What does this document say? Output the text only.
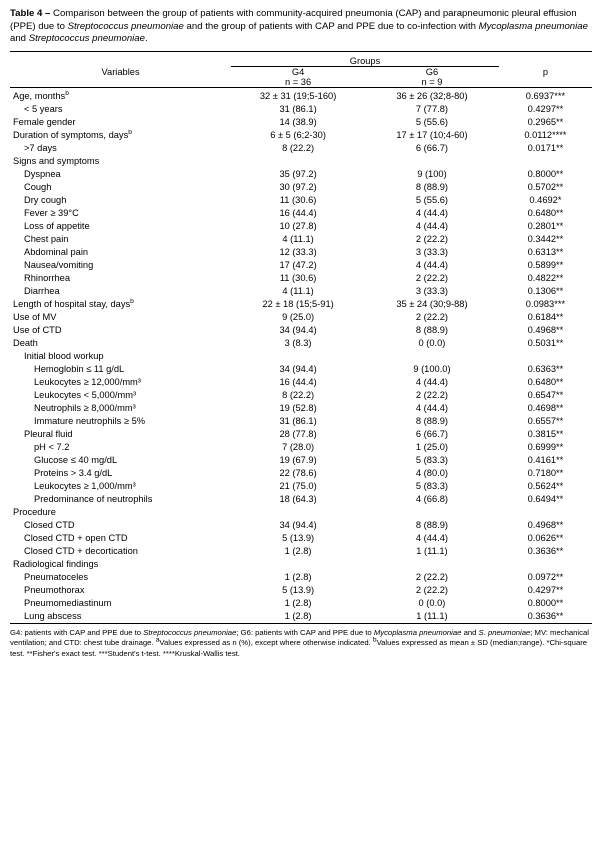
Table 4 – Comparison between the group of patients with community-acquired pneumonia (CAP) and parapneumonic pleural effusion (PPE) due to Streptococcus pneumoniae and the group of patients with CAP and PPE due to co-infection with Mycoplasma pneumoniae and Streptococcus pneumoniae.
Variables	Groups		p
	G4	G6	
	n = 36	n = 9	
Age, months$^b$	32 ± 31 (19;5-160)	36 ± 26 (32;8-80)	0.6937***
< 5 years	31 (86.1)	7 (77.8)	0.4297**
Female gender	14 (38.9)	5 (55.6)	0.2965**
Duration of symptoms, days$^b$	6 ± 5 (6;2-30)	17 ± 17 (10;4-60)	0.0112****
>7 days	8 (22.2)	6 (66.7)	0.0171**
Signs and symptoms			
Dyspnea	35 (97.2)	9 (100)	0.8000**
Cough	30 (97.2)	8 (88.9)	0.5702**
Dry cough	11 (30.6)	5 (55.6)	0.4692*
Fever ≥ 39°C	16 (44.4)	4 (44.4)	0.6480**
Loss of appetite	10 (27.8)	4 (44.4)	0.2801**
Chest pain	4 (11.1)	2 (22.2)	0.3442**
Abdominal pain	12 (33.3)	3 (33.3)	0.6313**
Nausea/vomiting	17 (47.2)	4 (44.4)	0.5899**
Rhinorrhea	11 (30.6)	2 (22.2)	0.4822**
Diarrhea	4 (11.1)	3 (33.3)	0.1306**
Length of hospital stay, days$^b$	22 ± 18 (15;5-91)	35 ± 24 (30;9-88)	0.0983***
Use of MV	9 (25.0)	2 (22.2)	0.6184**
Use of CTD	34 (94.4)	8 (88.9)	0.4968**
Death	3 (8.3)	0 (0.0)	0.5031**
Initial blood workup			
Hemoglobin ≤ 11 g/dL	34 (94.4)	9 (100.0)	0.6363**
Leukocytes ≥ 12,000/mm³	16 (44.4)	4 (44.4)	0.6480**
Leukocytes < 5,000/mm³	8 (22.2)	2 (22.2)	0.6547**
Neutrophils ≥ 8,000/mm³	19 (52.8)	4 (44.4)	0.4698**
Immature neutrophils ≥ 5%	31 (86.1)	8 (88.9)	0.6557**
Pleural fluid	28 (77.8)	6 (66.7)	0.3815**
pH < 7.2	7 (28.0)	1 (25.0)	0.6999**
Glucose ≤ 40 mg/dL	19 (67.9)	5 (83.3)	0.4161**
Proteins > 3.4 g/dL	22 (78.6)	4 (80.0)	0.7180**
Leukocytes ≥ 1,000/mm³	21 (75.0)	5 (83.3)	0.5624**
Predominance of neutrophils	18 (64.3)	4 (66.8)	0.6494**
Procedure			
Closed CTD	34 (94.4)	8 (88.9)	0.4968**
Closed CTD + open CTD	5 (13.9)	4 (44.4)	0.0626**
Closed CTD + decortication	1 (2.8)	1 (11.1)	0.3636**
Radiological findings			
Pneumatoceles	1 (2.8)	2 (22.2)	0.0972**
Pneumothorax	5 (13.9)	2 (22.2)	0.4297**
Pneumomediastinum	1 (2.8)	0 (0.0)	0.8000**
Lung abscess	1 (2.8)	1 (11.1)	0.3636**
G4: patients with CAP and PPE due to Streptococcus pneumoniae; G6: patients with CAP and PPE due to Mycoplasma pneumoniae and S. pneumoniae; MV: mechanical ventilation; and CTD: chest tube drainage. $^a$Values expressed as n (%), except where otherwise indicated. $^b$Values expressed as mean ± SD (median;range). *Chi-square test. **Fisher's exact test. ***Student's t-test. ****Kruskal-Wallis test.
